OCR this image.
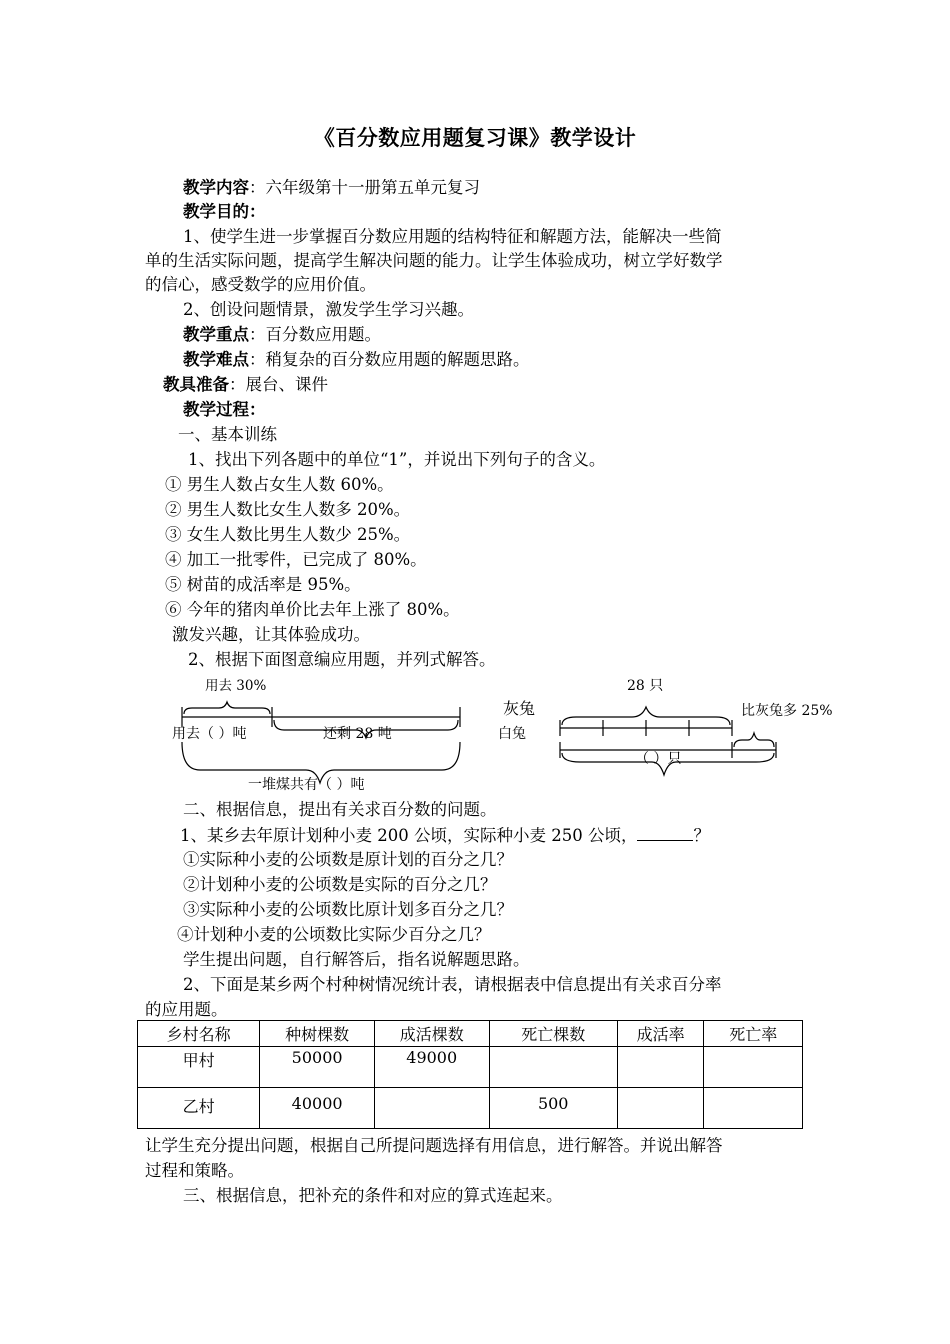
《百分数应用题复习课》教学设计
教学内容：六年级第十一册第五单元复习
教学目的：
1、使学生进一步掌握百分数应用题的结构特征和解题方法，能解决一些简
单的生活实际问题，提高学生解决问题的能力。让学生体验成功，树立学好数学
的信心，感受数学的应用价值。
2、创设问题情景，激发学生学习兴趣。
教学重点：百分数应用题。
教学难点：稍复杂的百分数应用题的解题思路。
教具准备：展台、课件
教学过程：
一、基本训练
1、找出下列各题中的单位“1”，并说出下列句子的含义。
① 男生人数占女生人数 60%。
② 男生人数比女生人数多 20%。
③ 女生人数比男生人数少 25%。
④ 加工一批零件，已完成了 80%。
⑤ 树苗的成活率是 95%。
⑥ 今年的猪肉单价比去年上涨了 80%。
激发兴趣，让其体验成功。
2、根据下面图意编应用题，并列式解答。
用去 30%
用去（ ）吨	还剩 28 吨
一堆煤共有（ ）吨
28 只
灰兔
白兔
比灰兔多 25%
（ ）只
二、根据信息，提出有关求百分数的问题。
1、某乡去年原计划种小麦 200 公顷，实际种小麦 250 公顷，	？
①实际种小麦的公顷数是原计划的百分之几？
②计划种小麦的公顷数是实际的百分之几？
③实际种小麦的公顷数比原计划多百分之几？
④计划种小麦的公顷数比实际少百分之几？
学生提出问题，自行解答后，指名说解题思路。
2、下面是某乡两个村种树情况统计表，请根据表中信息提出有关求百分率
的应用题。
乡村名称	种树棵数	成活棵数	死亡棵数	成活率	死亡率
甲村	50000	49000			
乙村	40000		500		
让学生充分提出问题，根据自己所提问题选择有用信息，进行解答。并说出解答
过程和策略。
三、根据信息，把补充的条件和对应的算式连起来。
